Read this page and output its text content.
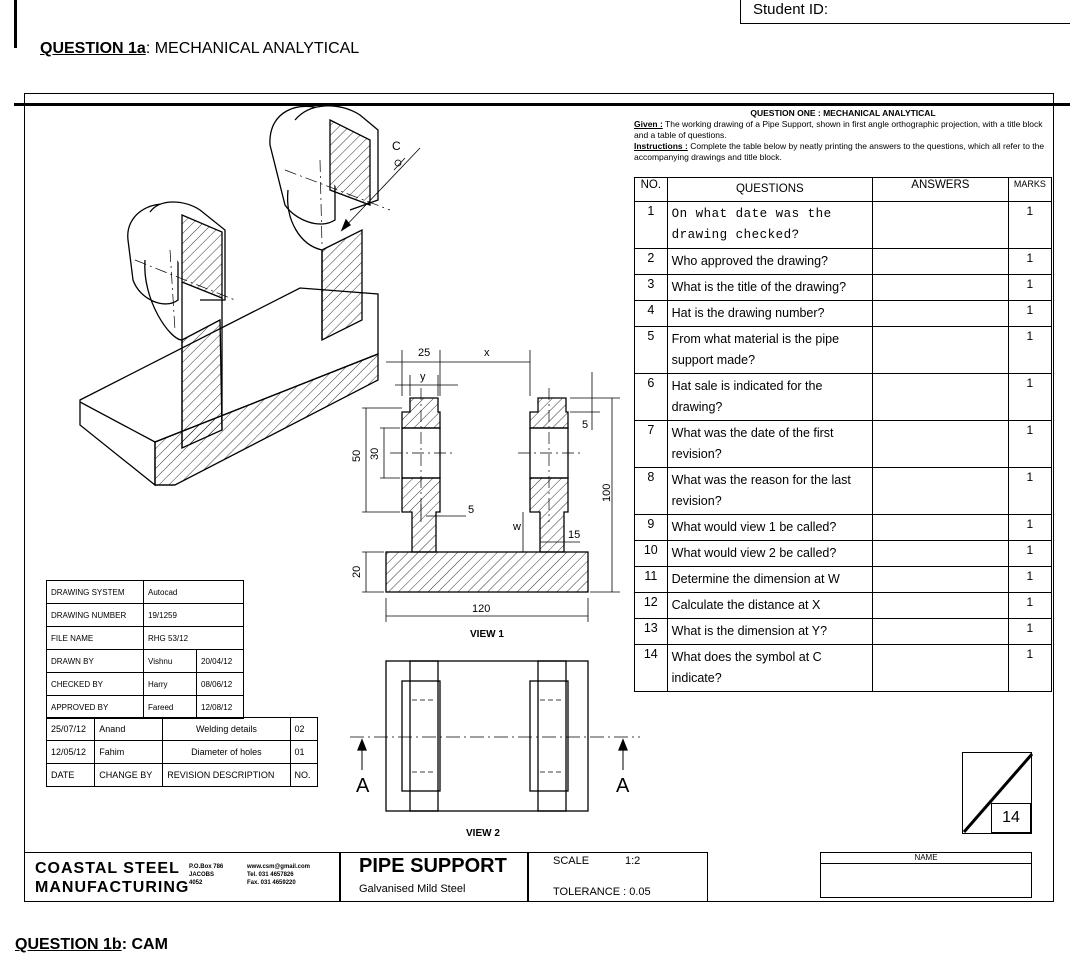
Student ID:
QUESTION 1a: MECHANICAL ANALYTICAL
C
25	x
y
5
5
w
15
120
50 30
20
100
VIEW 1
A	A
VIEW 2
QUESTION ONE : MECHANICAL ANALYTICAL
Given : The working drawing of a Pipe Support, shown in first angle orthographic projection, with a title block and a table of questions.
Instructions : Complete the table below by neatly printing the answers to the questions, which all refer to the accompanying drawings and title block.
NO.	QUESTIONS	ANSWERS	MARKS
1	On what date was the drawing checked?		1
2	Who approved the drawing?		1
3	What is the title of the drawing?		1
4	Hat is the drawing number?		1
5	From what material is the pipe support made?		1
6	Hat sale is indicated for the drawing?		1
7	What was the date of the first revision?		1
8	What was the reason for the last revision?		1
9	What would view 1 be called?		1
10	What would view 2 be called?		1
11	Determine the dimension at W		1
12	Calculate the distance at X		1
13	What is the dimension at Y?		1
14	What does the symbol at C indicate?		1
DRAWING SYSTEM	Autocad	
DRAWING NUMBER	19/1259	
FILE NAME	RHG 53/12	
DRAWN BY	Vishnu	20/04/12
CHECKED BY	Harry	08/06/12
APPROVED BY	Fareed	12/08/12
25/07/12	Anand	Welding details	02
12/05/12	Fahim	Diameter of holes	01
DATE	CHANGE BY	REVISION DESCRIPTION	NO.
COASTAL STEEL
MANUFACTURING
P.O.Box 786
JACOBS
4052
www.csm@gmail.com
Tel. 031 4657826
Fax. 031 4659220
PIPE SUPPORT
Galvanised Mild Steel
SCALE	1:2
TOLERANCE : 0.05
NAME
14
QUESTION 1b: CAM
